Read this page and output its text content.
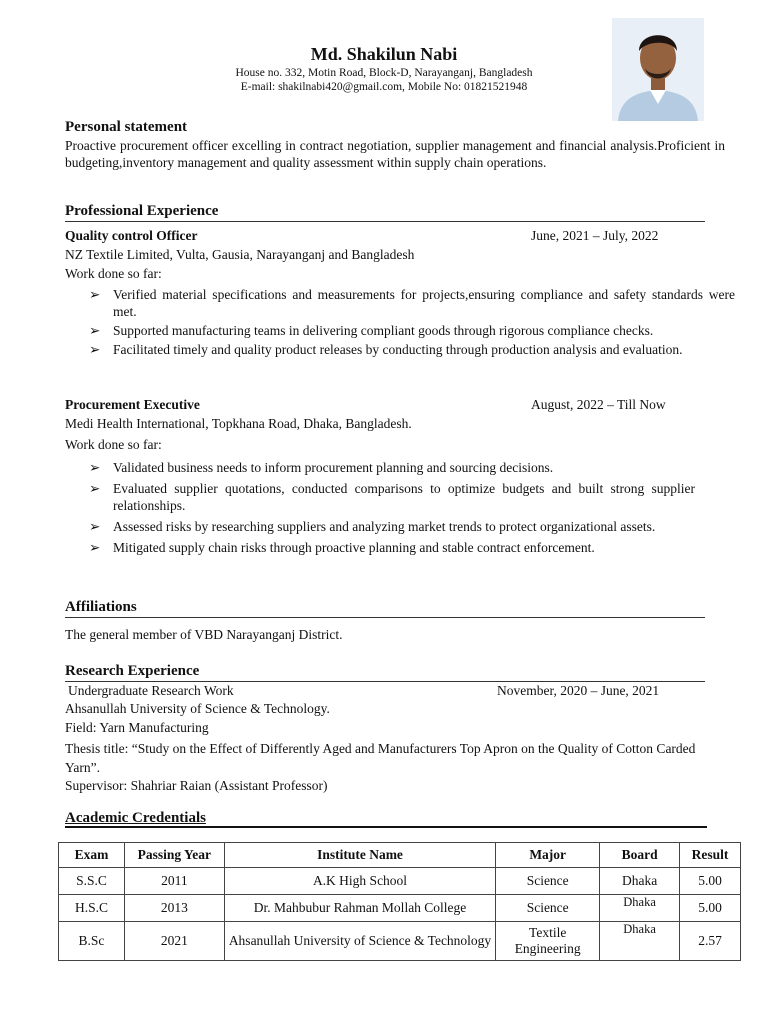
Md. Shakilun Nabi
House no. 332, Motin Road, Block-D, Narayanganj, Bangladesh
E-mail: shakilnabi420@gmail.com, Mobile No: 01821521948
Personal statement
Proactive procurement officer excelling in contract negotiation, supplier management and financial analysis.Proficient in budgeting,inventory management and quality assessment within supply chain operations.
Professional Experience
Quality control Officer	June, 2021 – July, 2022
NZ Textile Limited, Vulta, Gausia, Narayanganj and Bangladesh
Work done so far:
➢ Verified material specifications and measurements for projects,ensuring compliance and safety standards were met.
➢ Supported manufacturing teams in delivering compliant goods through rigorous compliance checks.
➢ Facilitated timely and quality product releases by conducting through production analysis and evaluation.
Procurement Executive	August, 2022 – Till Now
Medi Health International, Topkhana Road, Dhaka, Bangladesh.
Work done so far:
➢ Validated business needs to inform procurement planning and sourcing decisions.
➢ Evaluated supplier quotations, conducted comparisons to optimize budgets and built strong supplier relationships.
➢ Assessed risks by researching suppliers and analyzing market trends to protect organizational assets.
➢ Mitigated supply chain risks through proactive planning and stable contract enforcement.
Affiliations
The general member of VBD Narayanganj District.
Research Experience
Undergraduate Research Work	November, 2020 – June, 2021
Ahsanullah University of Science & Technology.
Field: Yarn Manufacturing
Thesis title: “Study on the Effect of Differently Aged and Manufacturers Top Apron on the Quality of Cotton Carded Yarn”.
Supervisor: Shahriar Raian (Assistant Professor)
Academic Credentials
Exam	Passing Year	Institute Name	Major	Board	Result
S.S.C	2011	A.K High School	Science	Dhaka	5.00
H.S.C	2013	Dr. Mahbubur Rahman Mollah College	Science	Dhaka	5.00
B.Sc	2021	Ahsanullah University of Science & Technology	Textile Engineering	Dhaka	2.57
